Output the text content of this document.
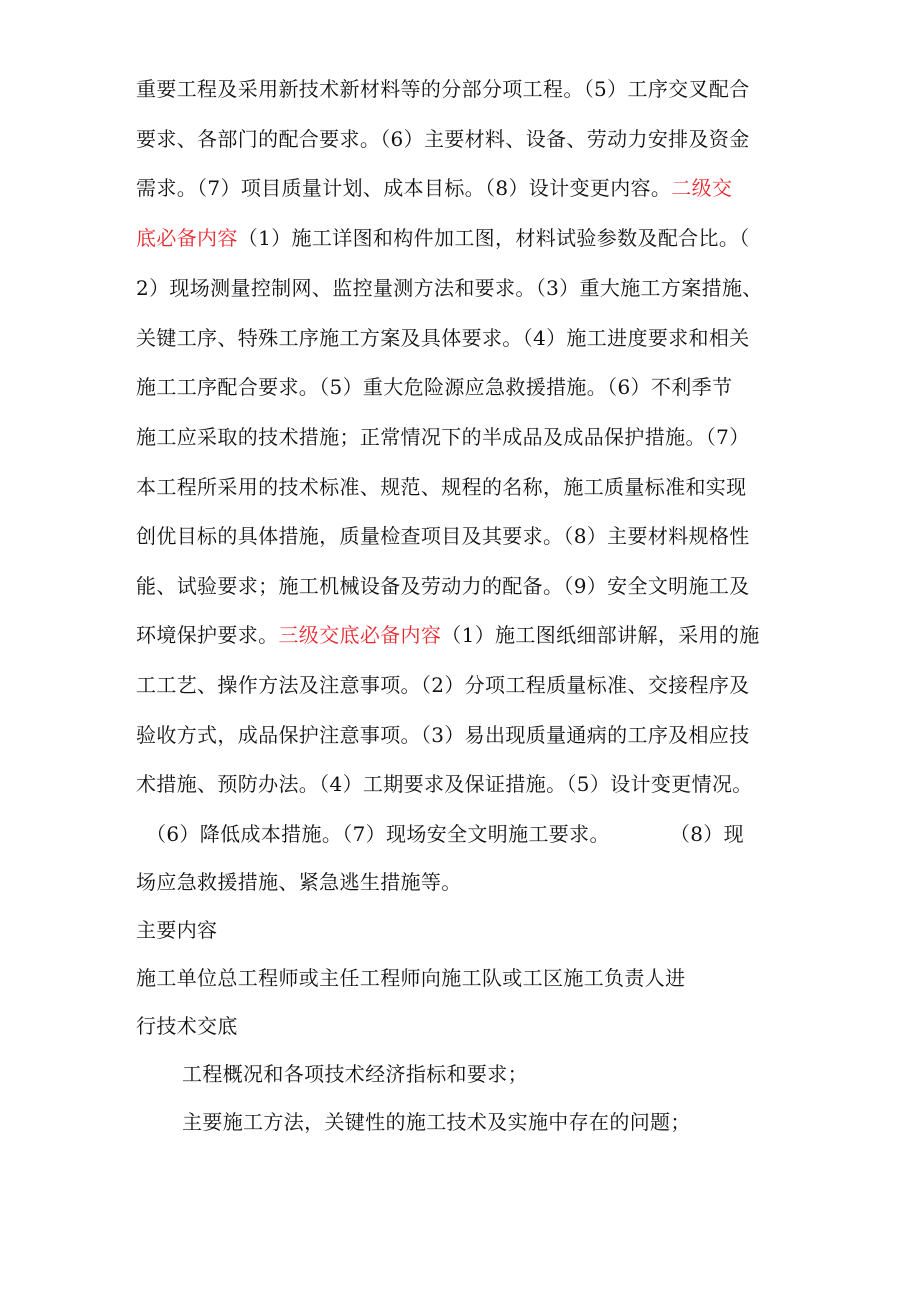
重要工程及采用新技术新材料等的分部分项工程。（5）工序交叉配合
要求、各部门的配合要求。（6）主要材料、设备、劳动力安排及资金
需求。（7）项目质量计划、成本目标。（8）设计变更内容。二级交
底必备内容（1）施工详图和构件加工图，材料试验参数及配合比。（
2）现场测量控制网、监控量测方法和要求。（3）重大施工方案措施、
关键工序、特殊工序施工方案及具体要求。（4）施工进度要求和相关
施工工序配合要求。（5）重大危险源应急救援措施。（6）不利季节
施工应采取的技术措施；正常情况下的半成品及成品保护措施。（7）
本工程所采用的技术标准、规范、规程的名称，施工质量标准和实现
创优目标的具体措施，质量检查项目及其要求。（8）主要材料规格性
能、试验要求；施工机械设备及劳动力的配备。（9）安全文明施工及
环境保护要求。三级交底必备内容（1）施工图纸细部讲解，采用的施
工工艺、操作方法及注意事项。（2）分项工程质量标准、交接程序及
验收方式，成品保护注意事项。（3）易出现质量通病的工序及相应技
术措施、预防办法。（4）工期要求及保证措施。（5）设计变更情况。
（6）降低成本措施。（7）现场安全文明施工要求。	（8）现
场应急救援措施、紧急逃生措施等。
主要内容
施工单位总工程师或主任工程师向施工队或工区施工负责人进
行技术交底
工程概况和各项技术经济指标和要求；
主要施工方法，关键性的施工技术及实施中存在的问题；
